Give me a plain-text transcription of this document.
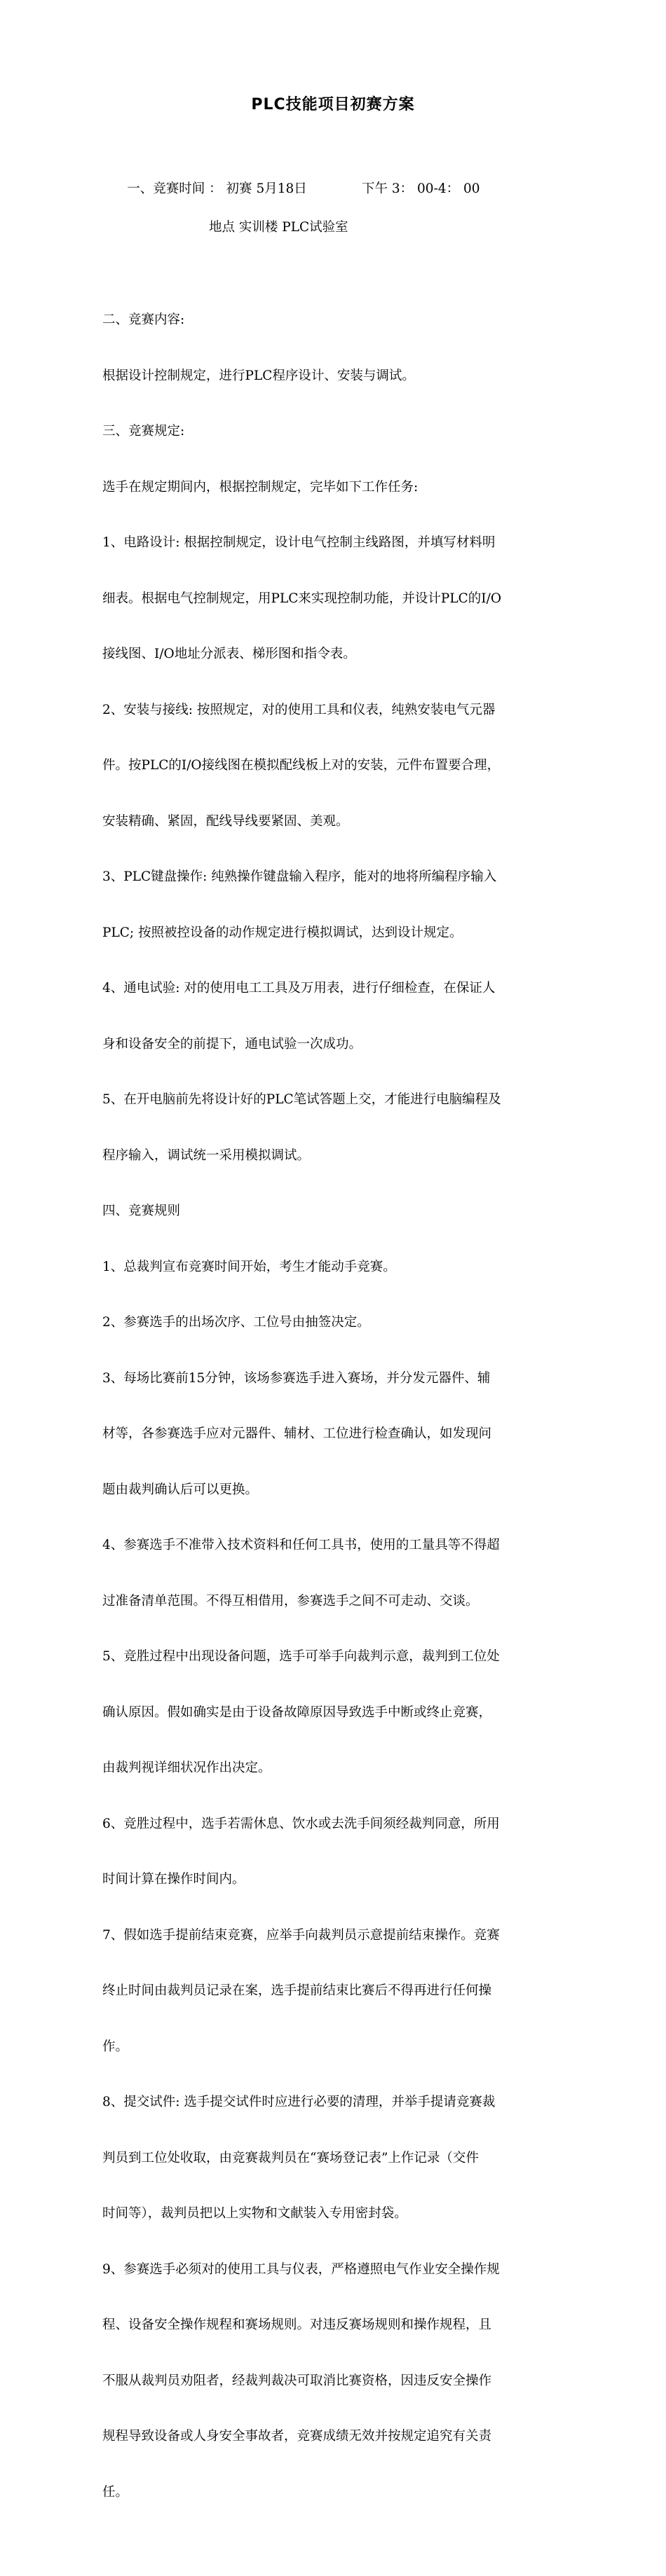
PLC技能项目初赛方案

一、竞赛时间 ： 初赛 5月18日	下午 3： 00-4： 00

地点 实训楼 PLC试验室

二、竞赛内容:

根据设计控制规定，进行PLC程序设计、安装与调试。

三、竞赛规定:

选手在规定期间内，根据控制规定，完毕如下工作任务:

1、电路设计: 根据控制规定，设计电气控制主线路图，并填写材料明

细表。根据电气控制规定，用PLC来实现控制功能，并设计PLC的I/O

接线图、I/O地址分派表、梯形图和指令表。

2、安装与接线: 按照规定，对的使用工具和仪表，纯熟安装电气元器

件。按PLC的I/O接线图在模拟配线板上对的安装，元件布置要合理，

安装精确、紧固，配线导线要紧固、美观。

3、PLC键盘操作: 纯熟操作键盘输入程序，能对的地将所编程序输入

PLC; 按照被控设备的动作规定进行模拟调试，达到设计规定。

4、通电试验: 对的使用电工工具及万用表，进行仔细检查，在保证人

身和设备安全的前提下，通电试验一次成功。

5、在开电脑前先将设计好的PLC笔试答题上交，才能进行电脑编程及

程序输入，调试统一采用模拟调试。

四、竞赛规则

1、总裁判宣布竞赛时间开始，考生才能动手竞赛。

2、参赛选手的出场次序、工位号由抽签决定。

3、每场比赛前15分钟，该场参赛选手进入赛场，并分发元器件、辅

材等，各参赛选手应对元器件、辅材、工位进行检查确认，如发现问

题由裁判确认后可以更换。

4、参赛选手不准带入技术资料和任何工具书，使用的工量具等不得超

过准备清单范围。不得互相借用，参赛选手之间不可走动、交谈。

5、竞胜过程中出现设备问题，选手可举手向裁判示意，裁判到工位处

确认原因。假如确实是由于设备故障原因导致选手中断或终止竞赛，

由裁判视详细状况作出决定。

6、竞胜过程中，选手若需休息、饮水或去洗手间须经裁判同意，所用

时间计算在操作时间内。

7、假如选手提前结束竞赛，应举手向裁判员示意提前结束操作。竞赛

终止时间由裁判员记录在案，选手提前结束比赛后不得再进行任何操

作。

8、提交试件: 选手提交试件时应进行必要的清理，并举手提请竞赛裁

判员到工位处收取，由竞赛裁判员在“赛场登记表”上作记录（交件

时间等），裁判员把以上实物和文献装入专用密封袋。

9、参赛选手必须对的使用工具与仪表，严格遵照电气作业安全操作规

程、设备安全操作规程和赛场规则。对违反赛场规则和操作规程，且

不服从裁判员劝阻者，经裁判裁决可取消比赛资格，因违反安全操作

规程导致设备或人身安全事故者，竞赛成绩无效并按规定追究有关责

任。
